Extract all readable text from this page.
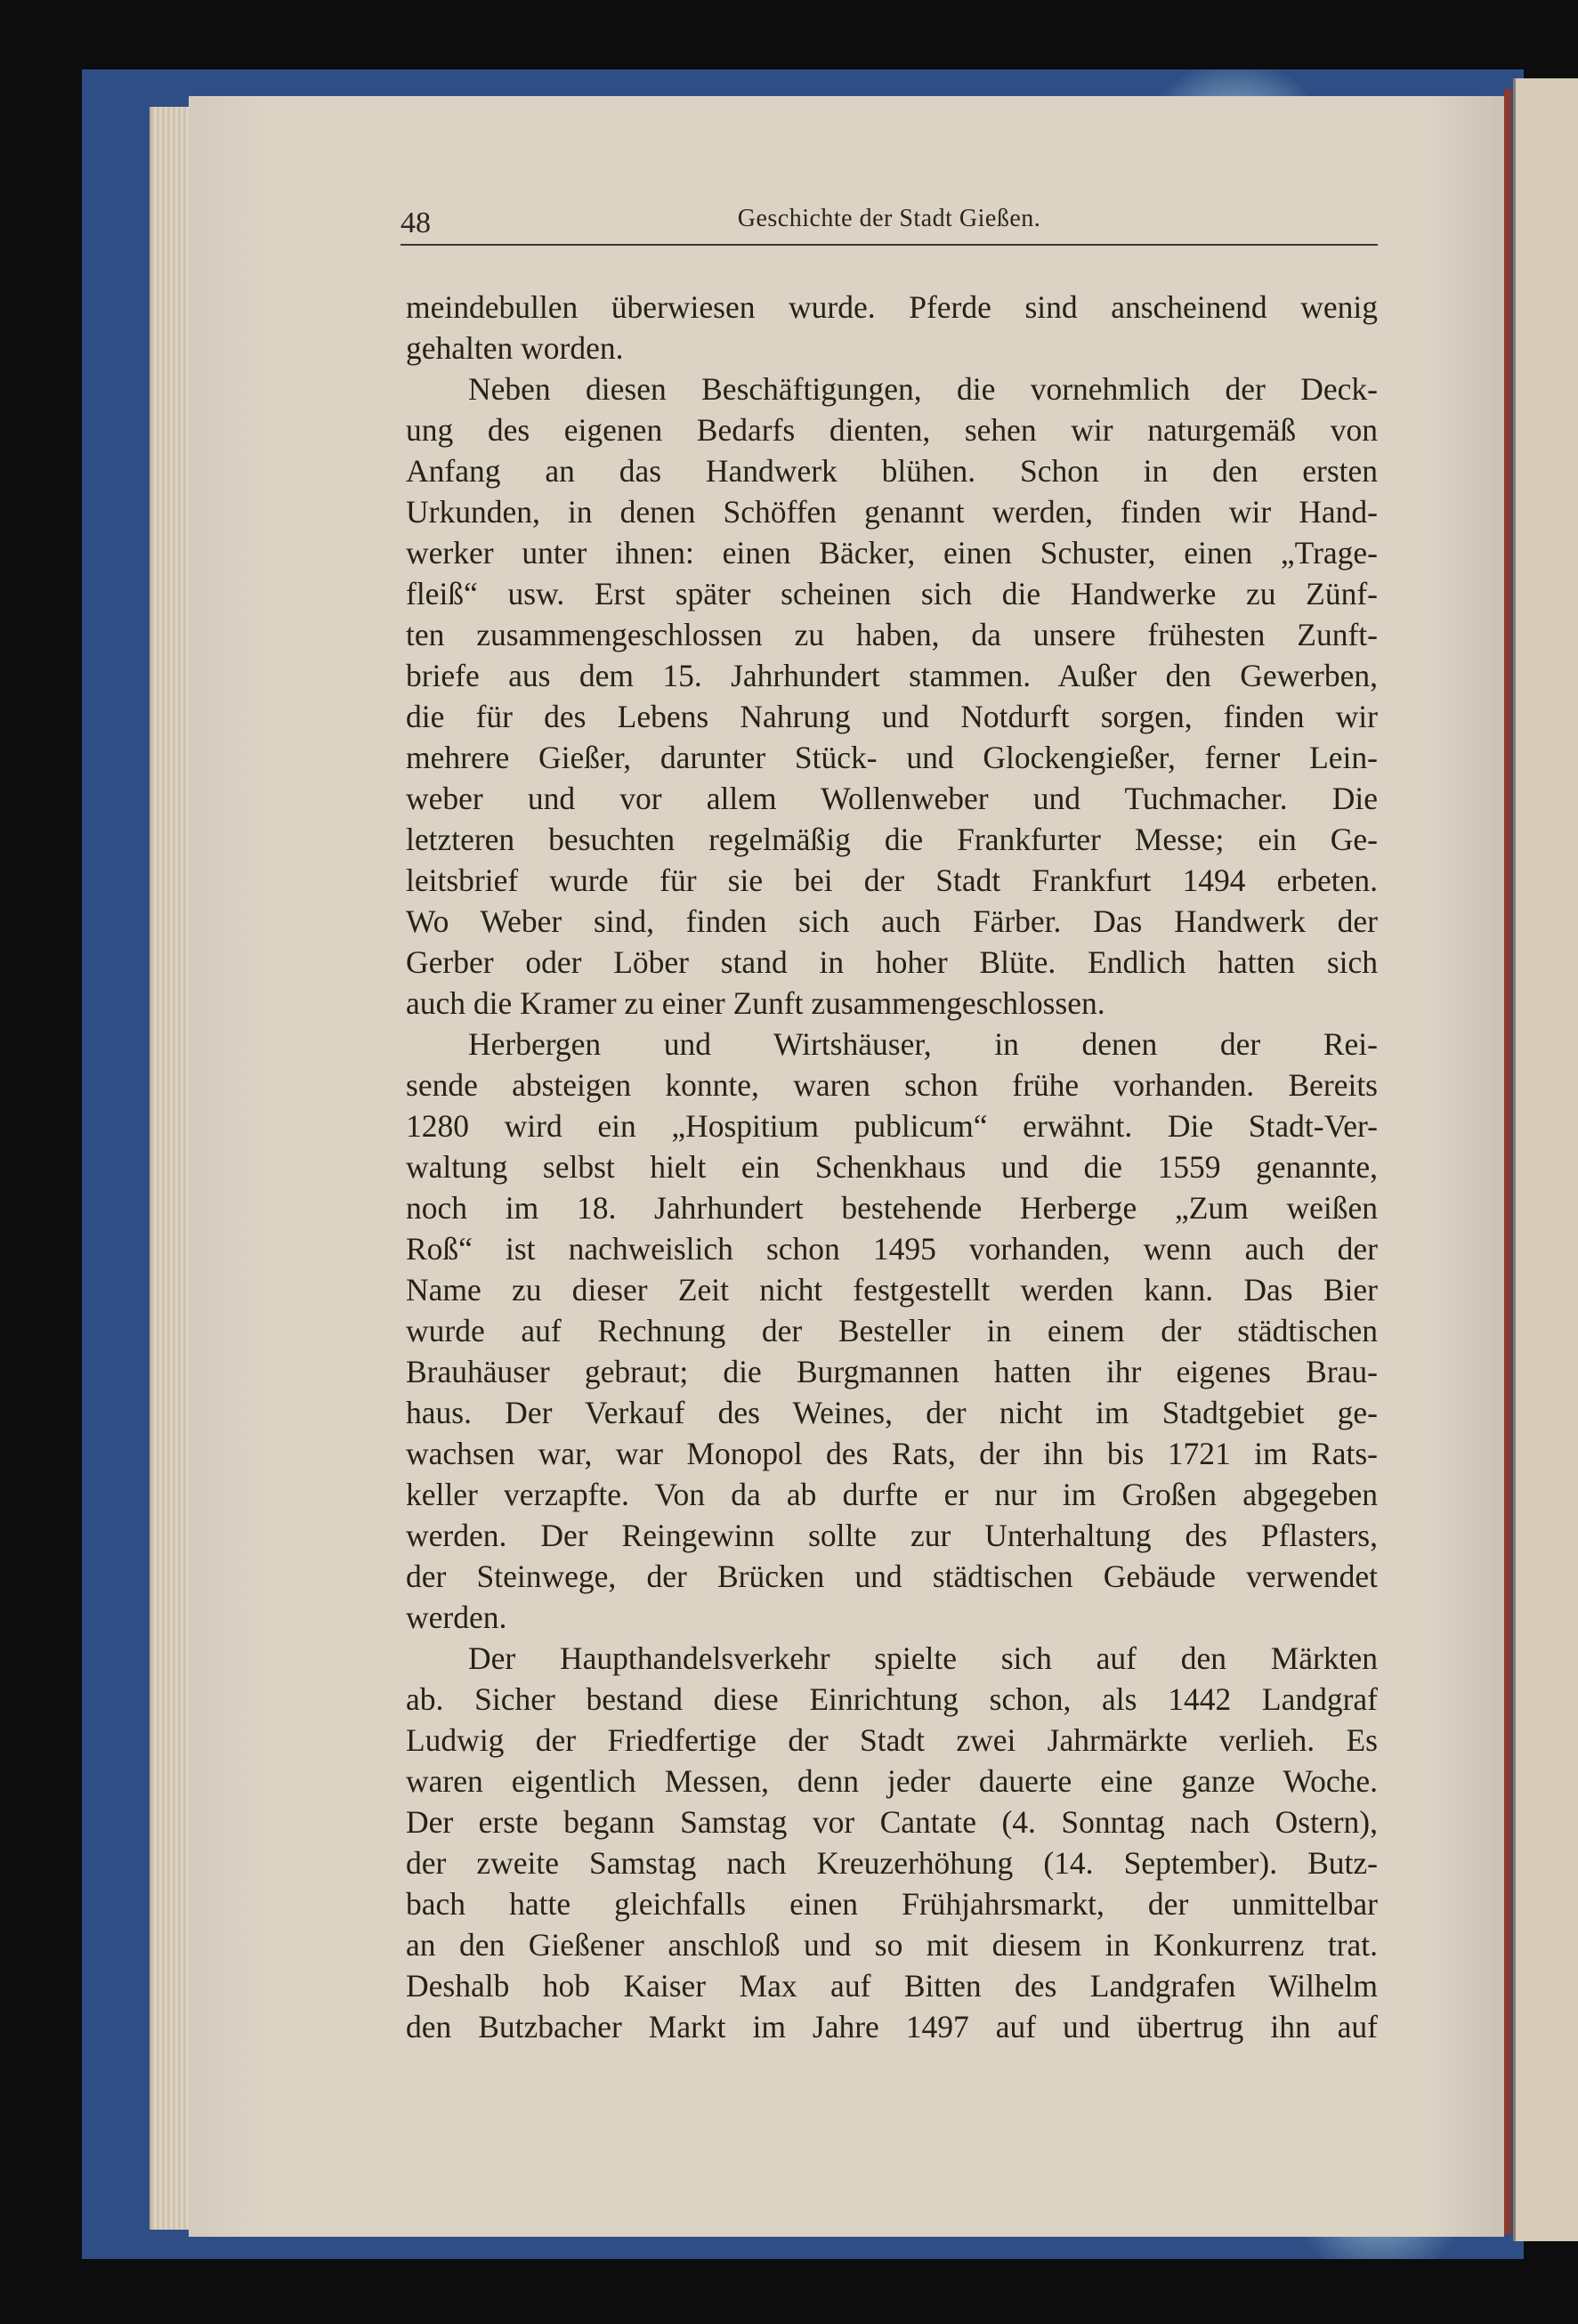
48	Geschichte der Stadt Gießen.
meindebullen überwiesen wurde. Pferde sind anscheinend wenig
gehalten worden.
Neben diesen Beschäftigungen, die vornehmlich der Deck-
ung des eigenen Bedarfs dienten, sehen wir naturgemäß von
Anfang an das Handwerk blühen. Schon in den ersten
Urkunden, in denen Schöffen genannt werden, finden wir Hand-
werker unter ihnen: einen Bäcker, einen Schuster, einen „Trage-
fleiß“ usw. Erst später scheinen sich die Handwerke zu Zünf-
ten zusammengeschlossen zu haben, da unsere frühesten Zunft-
briefe aus dem 15. Jahrhundert stammen. Außer den Gewerben,
die für des Lebens Nahrung und Notdurft sorgen, finden wir
mehrere Gießer, darunter Stück- und Glockengießer, ferner Lein-
weber und vor allem Wollenweber und Tuchmacher. Die
letzteren besuchten regelmäßig die Frankfurter Messe; ein Ge-
leitsbrief wurde für sie bei der Stadt Frankfurt 1494 erbeten.
Wo Weber sind, finden sich auch Färber. Das Handwerk der
Gerber oder Löber stand in hoher Blüte. Endlich hatten sich
auch die Kramer zu einer Zunft zusammengeschlossen.
Herbergen und Wirtshäuser, in denen der Rei-
sende absteigen konnte, waren schon frühe vorhanden. Bereits
1280 wird ein „Hospitium publicum“ erwähnt. Die Stadt-Ver-
waltung selbst hielt ein Schenkhaus und die 1559 genannte,
noch im 18. Jahrhundert bestehende Herberge „Zum weißen
Roß“ ist nachweislich schon 1495 vorhanden, wenn auch der
Name zu dieser Zeit nicht festgestellt werden kann. Das Bier
wurde auf Rechnung der Besteller in einem der städtischen
Brauhäuser gebraut; die Burgmannen hatten ihr eigenes Brau-
haus. Der Verkauf des Weines, der nicht im Stadtgebiet ge-
wachsen war, war Monopol des Rats, der ihn bis 1721 im Rats-
keller verzapfte. Von da ab durfte er nur im Großen abgegeben
werden. Der Reingewinn sollte zur Unterhaltung des Pflasters,
der Steinwege, der Brücken und städtischen Gebäude verwendet
werden.
Der Haupthandelsverkehr spielte sich auf den Märkten
ab. Sicher bestand diese Einrichtung schon, als 1442 Landgraf
Ludwig der Friedfertige der Stadt zwei Jahrmärkte verlieh. Es
waren eigentlich Messen, denn jeder dauerte eine ganze Woche.
Der erste begann Samstag vor Cantate (4. Sonntag nach Ostern),
der zweite Samstag nach Kreuzerhöhung (14. September). Butz-
bach hatte gleichfalls einen Frühjahrsmarkt, der unmittelbar
an den Gießener anschloß und so mit diesem in Konkurrenz trat.
Deshalb hob Kaiser Max auf Bitten des Landgrafen Wilhelm
den Butzbacher Markt im Jahre 1497 auf und übertrug ihn auf
